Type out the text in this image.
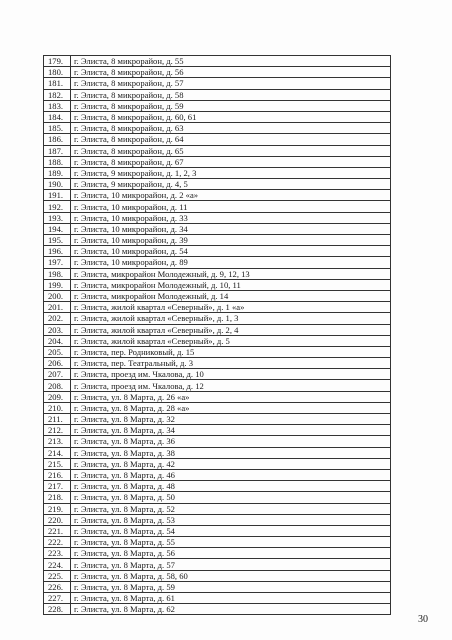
179.	г. Элиста, 8 микрорайон, д. 55
180.	г. Элиста, 8 микрорайон, д. 56
181.	г. Элиста, 8 микрорайон, д. 57
182.	г. Элиста, 8 микрорайон, д. 58
183.	г. Элиста, 8 микрорайон, д. 59
184.	г. Элиста, 8 микрорайон, д. 60, 61
185.	г. Элиста, 8 микрорайон, д. 63
186.	г. Элиста, 8 микрорайон, д. 64
187.	г. Элиста, 8 микрорайон, д. 65
188.	г. Элиста, 8 микрорайон, д. 67
189.	г. Элиста, 9 микрорайон, д. 1, 2, 3
190.	г. Элиста, 9 микрорайон, д. 4, 5
191.	г. Элиста, 10 микрорайон, д. 2 «а»
192.	г. Элиста, 10 микрорайон, д. 11
193.	г. Элиста, 10 микрорайон, д. 33
194.	г. Элиста, 10 микрорайон, д. 34
195.	г. Элиста, 10 микрорайон, д. 39
196.	г. Элиста, 10 микрорайон, д. 54
197.	г. Элиста, 10 микрорайон, д. 89
198.	г. Элиста, микрорайон Молодежный, д. 9, 12, 13
199.	г. Элиста, микрорайон Молодежный, д. 10, 11
200.	г. Элиста, микрорайон Молодежный, д. 14
201.	г. Элиста, жилой квартал «Северный», д. 1 «а»
202.	г. Элиста, жилой квартал «Северный», д. 1, 3
203.	г. Элиста, жилой квартал «Северный», д. 2, 4
204.	г. Элиста, жилой квартал «Северный», д. 5
205.	г. Элиста, пер. Родниковый, д. 15
206.	г. Элиста, пер. Театральный, д. 3
207.	г. Элиста, проезд им. Чкалова, д. 10
208.	г. Элиста, проезд им. Чкалова, д. 12
209.	г. Элиста, ул. 8 Марта, д. 26 «а»
210.	г. Элиста, ул. 8 Марта, д. 28 «а»
211.	г. Элиста, ул. 8 Марта, д. 32
212.	г. Элиста, ул. 8 Марта, д. 34
213.	г. Элиста, ул. 8 Марта, д. 36
214.	г. Элиста, ул. 8 Марта, д. 38
215.	г. Элиста, ул. 8 Марта, д. 42
216.	г. Элиста, ул. 8 Марта, д. 46
217.	г. Элиста, ул. 8 Марта, д. 48
218.	г. Элиста, ул. 8 Марта, д. 50
219.	г. Элиста, ул. 8 Марта, д. 52
220.	г. Элиста, ул. 8 Марта, д. 53
221.	г. Элиста, ул. 8 Марта, д. 54
222.	г. Элиста, ул. 8 Марта, д. 55
223.	г. Элиста, ул. 8 Марта, д. 56
224.	г. Элиста, ул. 8 Марта, д. 57
225.	г. Элиста, ул. 8 Марта, д. 58, 60
226.	г. Элиста, ул. 8 Марта, д. 59
227.	г. Элиста, ул. 8 Марта, д. 61
228.	г. Элиста, ул. 8 Марта, д. 62
30
